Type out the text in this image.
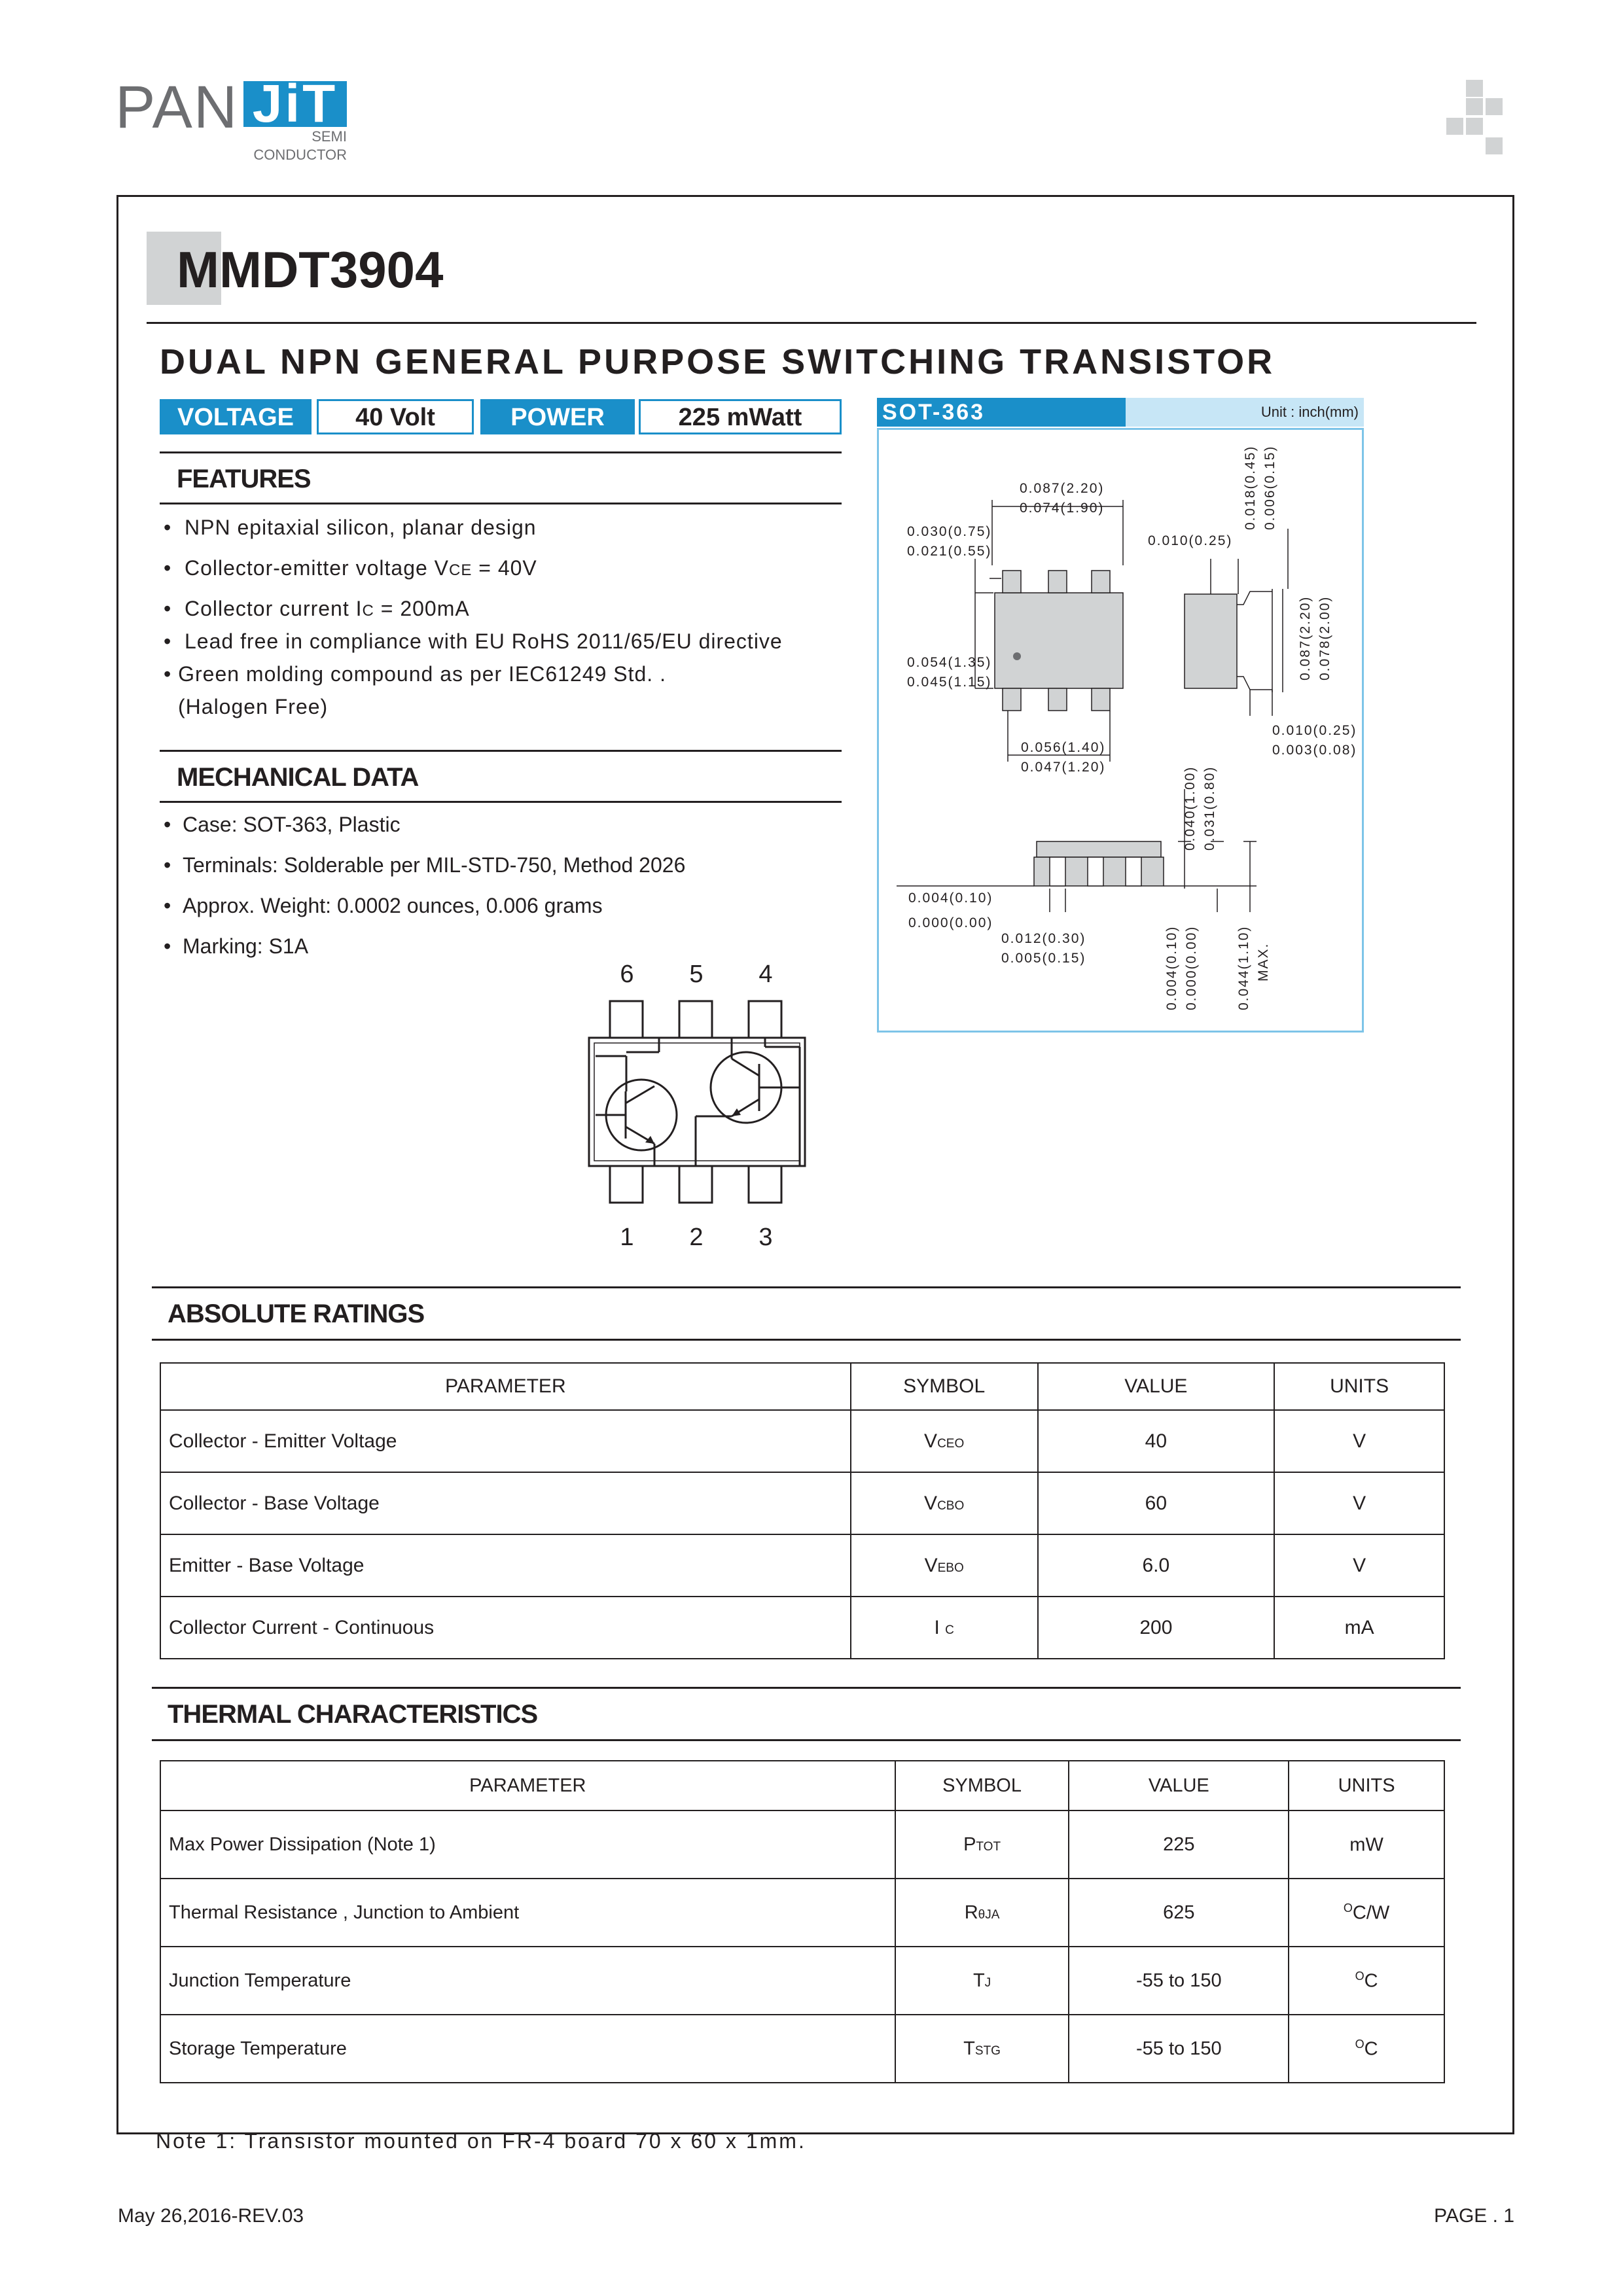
PAN JiT
SEMI
CONDUCTOR
MMDT3904
DUAL NPN GENERAL PURPOSE SWITCHING TRANSISTOR
VOLTAGE	40 Volt	POWER	225 mWatt
FEATURES
• NPN epitaxial silicon, planar design
• Collector-emitter voltage VCE = 40V
• Collector current IC = 200mA
• Lead free in compliance with EU RoHS 2011/65/EU directive
• Green molding compound as per IEC61249 Std. .
(Halogen Free)
MECHANICAL DATA
• Case: SOT-363, Plastic
• Terminals: Solderable per MIL-STD-750, Method 2026
• Approx. Weight: 0.0002 ounces, 0.006 grams
• Marking: S1A
6	5	4
1	2	3
SOT-363	Unit : inch(mm)
0.087(2.20)
0.074(1.90)
0.030(0.75)
0.021(0.55)
0.010(0.25)
0.054(1.35)
0.045(1.15)
0.056(1.40)
0.047(1.20)
0.010(0.25)
0.003(0.08)
0.004(0.10)
0.000(0.00)
0.012(0.30)
0.005(0.15)
0.018(0.45) 0.006(0.15)
0.087(2.20) 0.078(2.00)
0.040(1.00) 0.031(0.80)
0.004(0.10) 0.000(0.00)	0.044(1.10) MAX.
ABSOLUTE RATINGS
PARAMETER	SYMBOL	VALUE	UNITS
Collector - Emitter Voltage	VCEO	40	V
Collector - Base Voltage	VCBO	60	V
Emitter - Base Voltage	VEBO	6.0	V
Collector Current - Continuous	I C	200	mA
THERMAL CHARACTERISTICS
PARAMETER	SYMBOL	VALUE	UNITS
Max Power Dissipation (Note 1)	PTOT	225	mW
Thermal Resistance , Junction to Ambient	RθJA	625	$^O$C/W
Junction Temperature	TJ	-55 to 150	$^O$C
Storage Temperature	TSTG	-55 to 150	$^O$C
Note 1: Transistor mounted on FR-4 board 70 x 60 x 1mm.
May 26,2016-REV.03	PAGE . 1
